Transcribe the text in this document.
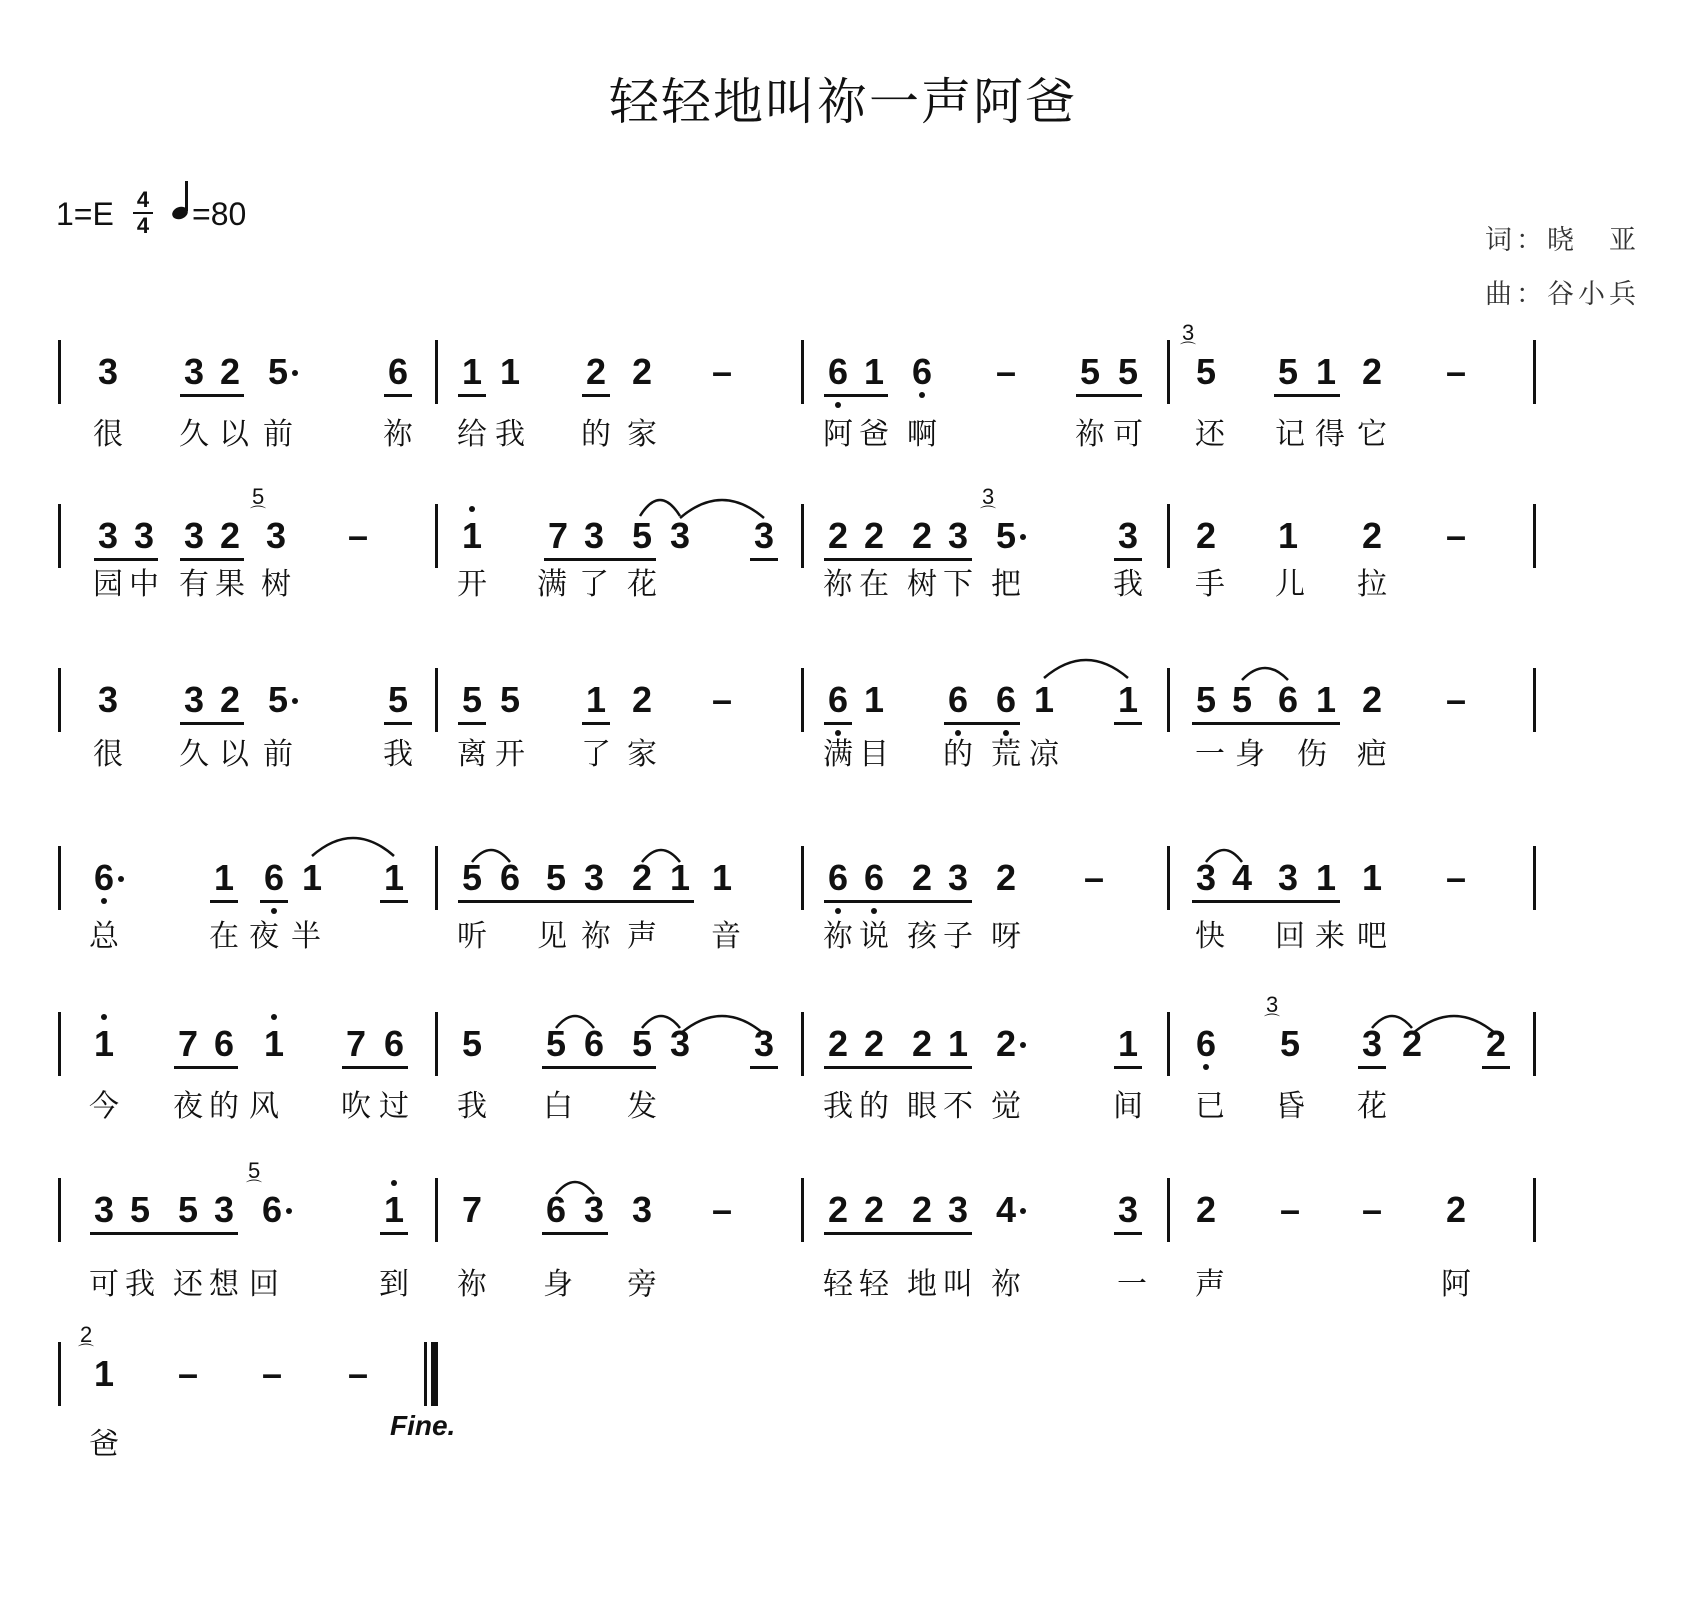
轻轻地叫祢一声阿爸
1=E 4
4	=80
词：晓　亚
曲：谷小兵
3 3 2 5	6 1 1 2 2 –	6 1 6 – 5 5 5
3
⌒
5 1 2 –
很 久 以 前	祢 给 我 的 家	阿 爸 啊	祢 可 还 记 得 它
3 3 3 2 3
5
⌒
–	1 7 3 5 3 3 2 2 2 3 5
3
⌒
3 2 1 2 –
园 中 有 果 树	开 满 了 花	祢 在 树 下 把	我 手 儿 拉
3 3 2 5	5 5 5 1 2 –	6 1 6 6 1 1 5 5 6 1 2 –
很 久 以 前	我 离 开 了 家	满 目 的 荒 凉	一 身 伤 疤
6	1 6 1 1 5 6 5 3 2 1 1	6 6 2 3 2 –	3 4 3 1 1 –
总	在 夜 半	听 见 祢 声 音	祢 说 孩 子 呀	快 回 来 吧
1 7 6 1 7 6 5 5 6 5 3 3 2 2 2 1 2	1 6 5
3
⌒
3 2 2
今 夜 的 风 吹 过 我 白 发	我 的 眼 不 觉	间 已 昏 花
3 5 5 3 6
5
⌒
1 7 6 3 3 –	2 2 2 3 4	3 2 – – 2
可 我 还 想 回	到 祢 身 旁	轻 轻 地 叫 祢	一 声	阿
1
2
⌒
– – –
爸
Fine.
